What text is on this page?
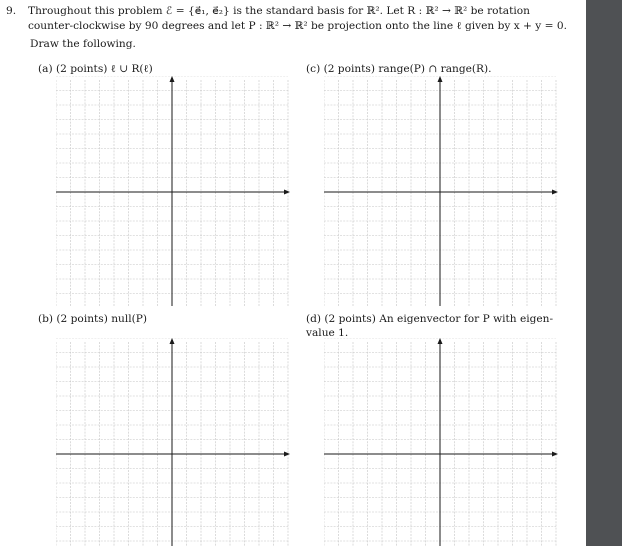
9. Throughout this problem ℰ = {e⃗₁, e⃗₂} is the standard basis for ℝ². Let R : ℝ² → ℝ² be rotation counter-clockwise by 90 degrees and let P : ℝ² → ℝ² be projection onto the line ℓ given by x + y = 0.
Draw the following.
(a) (2 points) ℓ ∪ R(ℓ)	(c) (2 points) range(P) ∩ range(R).
(b) (2 points) null(P)	(d) (2 points) An eigenvector for P with eigen-value 1.
